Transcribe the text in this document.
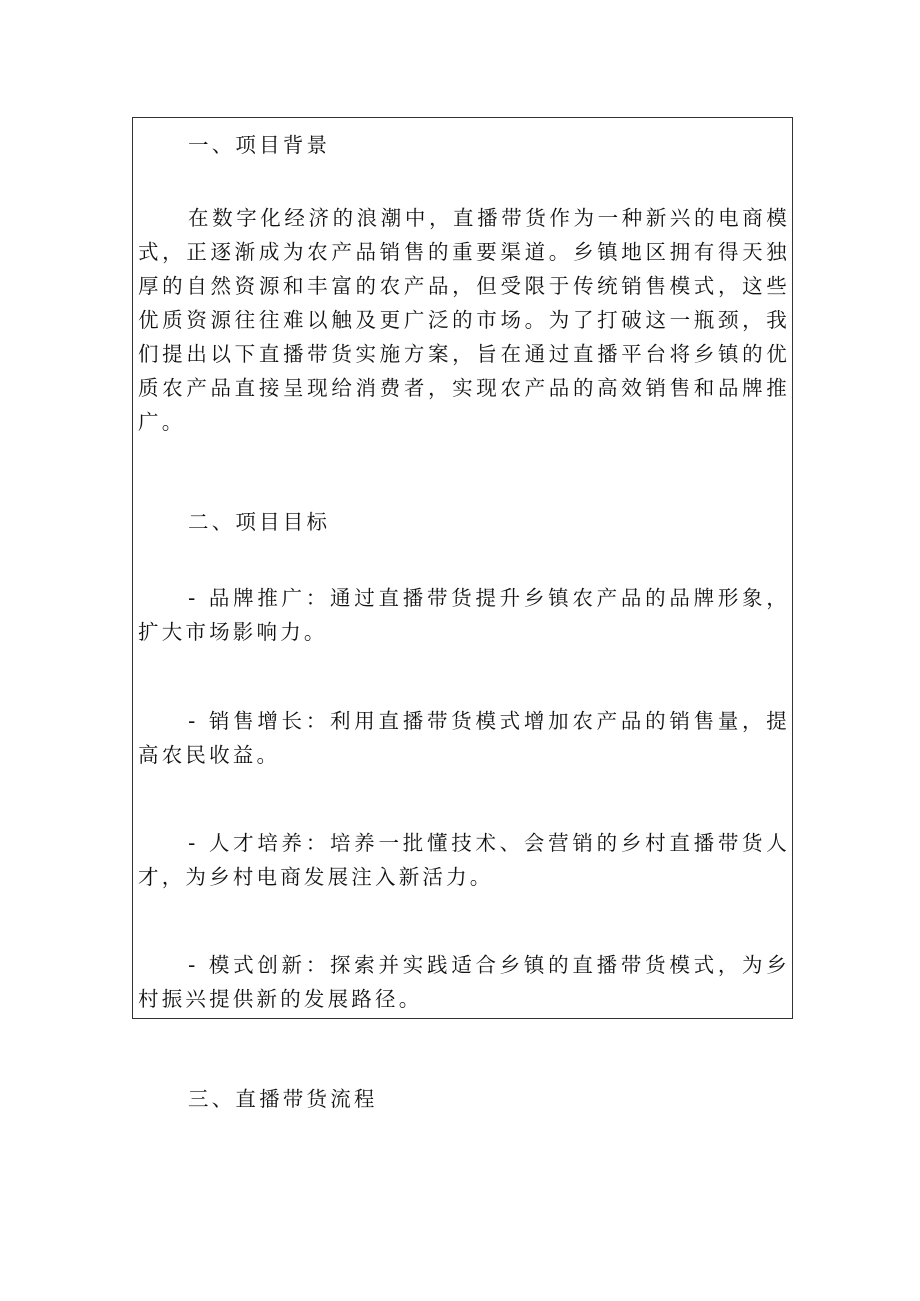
一、项目背景

在数字化经济的浪潮中，直播带货作为一种新兴的电商模式，正逐渐成为农产品销售的重要渠道。乡镇地区拥有得天独厚的自然资源和丰富的农产品，但受限于传统销售模式，这些优质资源往往难以触及更广泛的市场。为了打破这一瓶颈，我们提出以下直播带货实施方案，旨在通过直播平台将乡镇的优质农产品直接呈现给消费者，实现农产品的高效销售和品牌推广。

二、项目目标

- 品牌推广：通过直播带货提升乡镇农产品的品牌形象，扩大市场影响力。

- 销售增长：利用直播带货模式增加农产品的销售量，提高农民收益。

- 人才培养：培养一批懂技术、会营销的乡村直播带货人才，为乡村电商发展注入新活力。

- 模式创新：探索并实践适合乡镇的直播带货模式，为乡村振兴提供新的发展路径。

三、直播带货流程
